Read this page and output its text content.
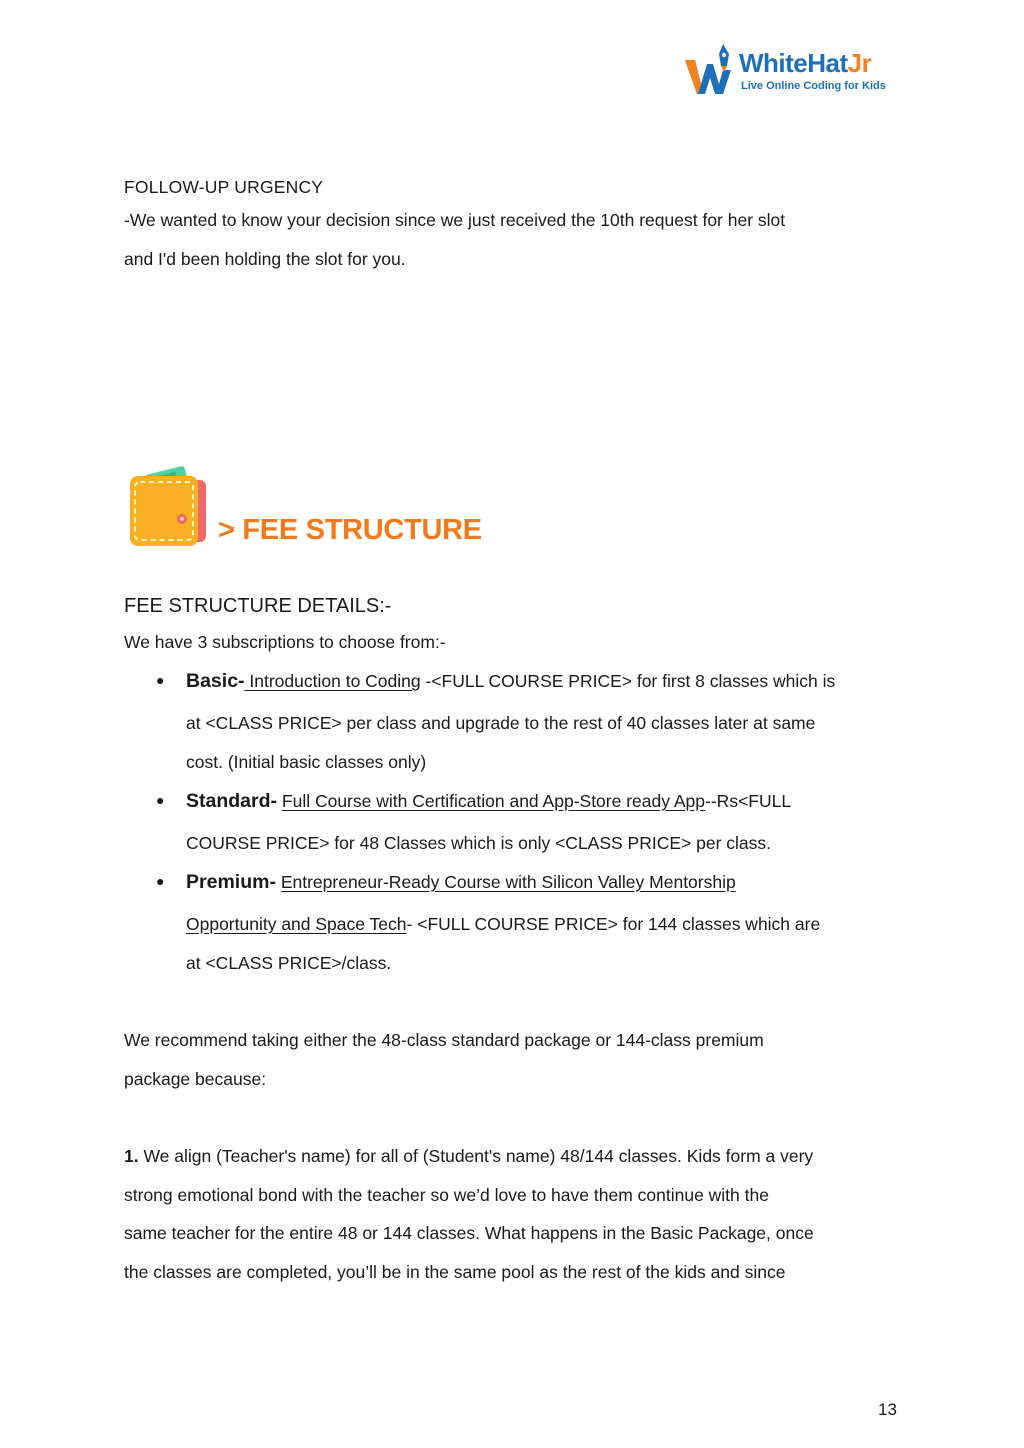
WhiteHatJr
Live Online Coding for Kids
FOLLOW-UP URGENCY
-We wanted to know your decision since we just received the 10th request for her slot
and I'd been holding the slot for you.
> FEE STRUCTURE
FEE STRUCTURE DETAILS:-
We have 3 subscriptions to choose from:-
● Basic- Introduction to Coding -<FULL COURSE PRICE> for first 8 classes which is
at <CLASS PRICE> per class and upgrade to the rest of 40 classes later at same
cost. (Initial basic classes only)
● Standard- Full Course with Certification and App-Store ready App--Rs<FULL
COURSE PRICE> for 48 Classes which is only <CLASS PRICE> per class.
● Premium- Entrepreneur-Ready Course with Silicon Valley Mentorship
Opportunity and Space Tech- <FULL COURSE PRICE> for 144 classes which are
at <CLASS PRICE>/class.
We recommend taking either the 48-class standard package or 144-class premium
package because:
1. We align (Teacher's name) for all of (Student's name) 48/144 classes. Kids form a very
strong emotional bond with the teacher so we’d love to have them continue with the
same teacher for the entire 48 or 144 classes. What happens in the Basic Package, once
the classes are completed, you’ll be in the same pool as the rest of the kids and since
13
